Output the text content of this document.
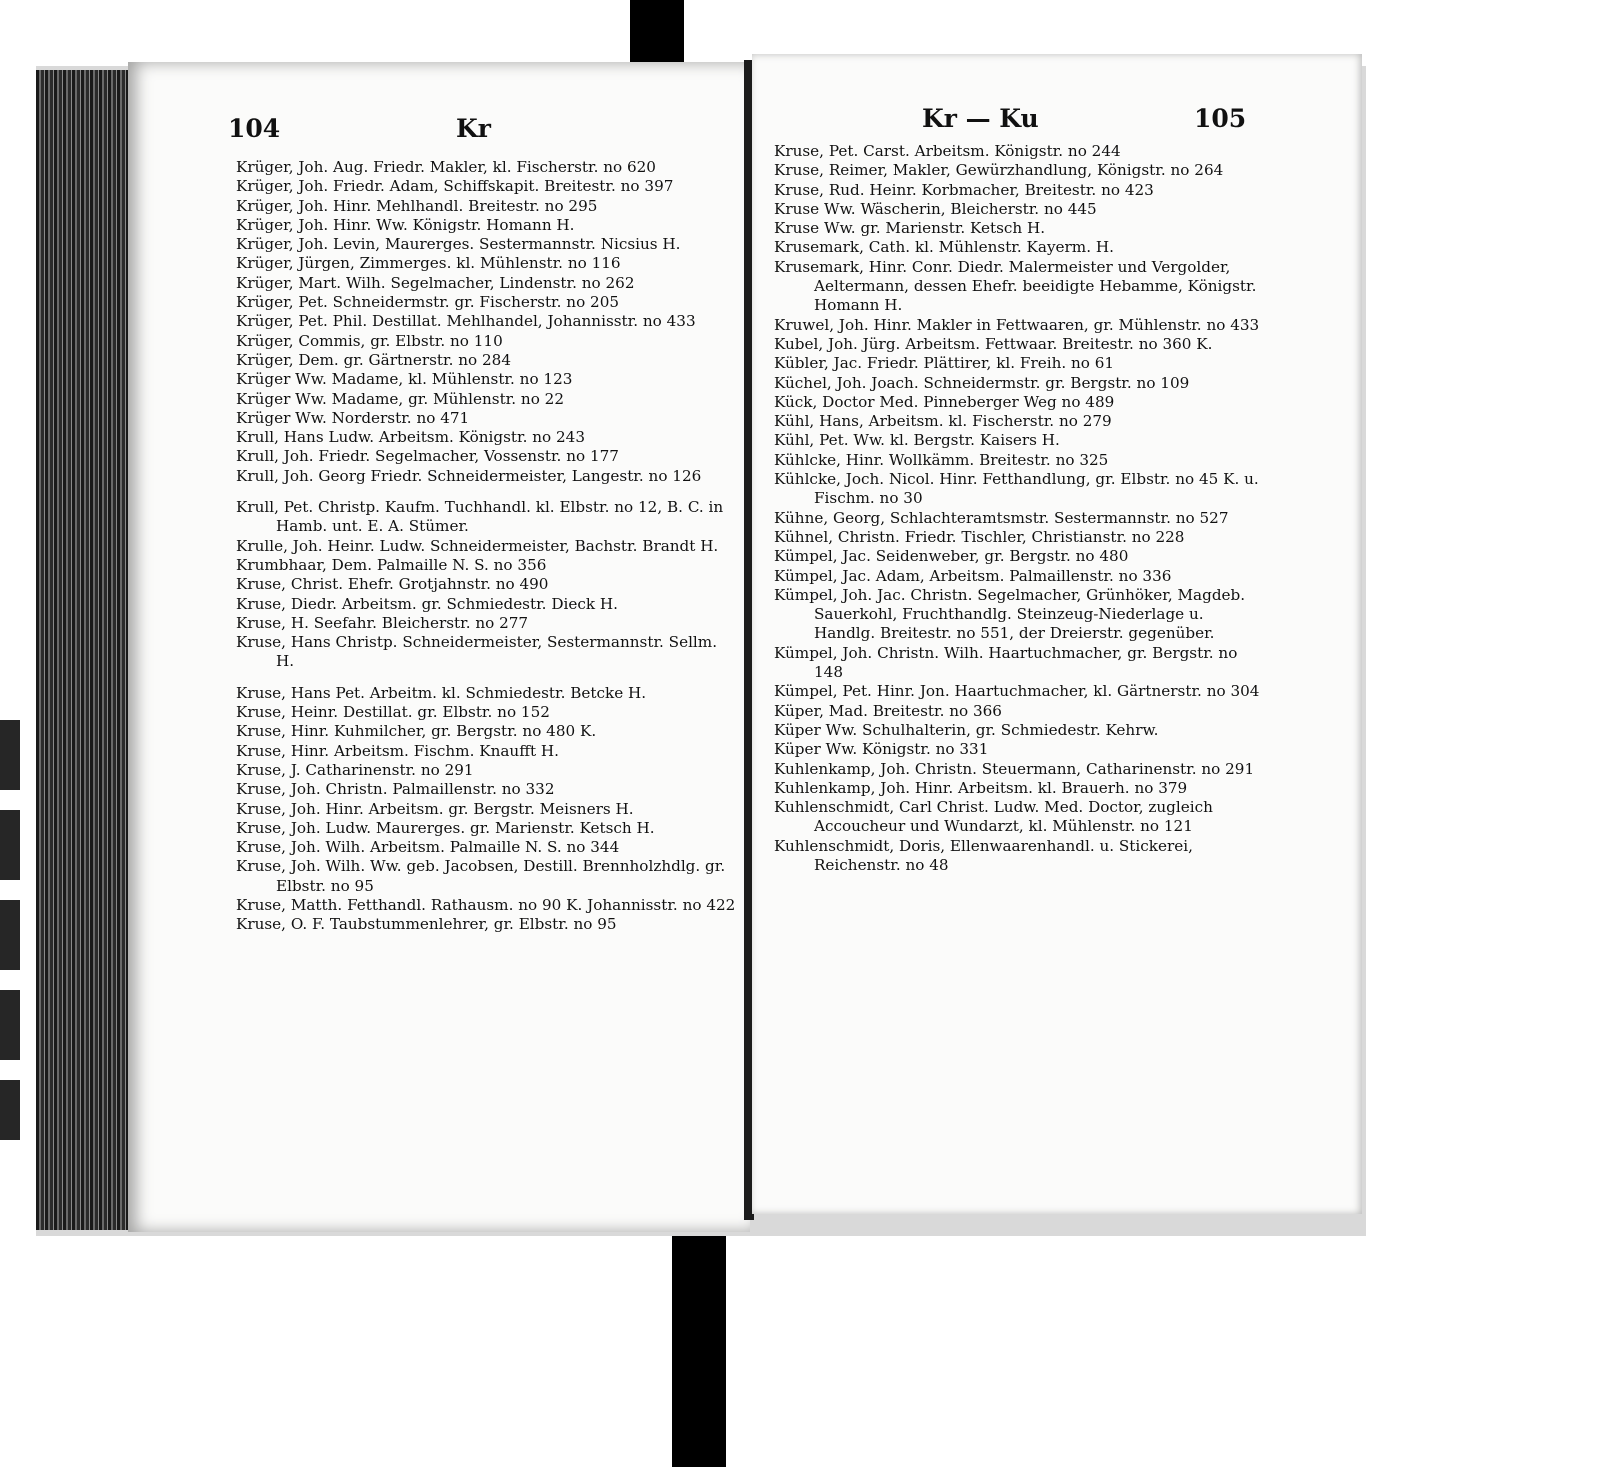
104	Kr
Krüger, Joh. Aug. Friedr. Makler, kl. Fischerstr. no 620
Krüger, Joh. Friedr. Adam, Schiffskapit. Breitestr. no 397
Krüger, Joh. Hinr. Mehlhandl. Breitestr. no 295
Krüger, Joh. Hinr. Ww. Königstr. Homann H.
Krüger, Joh. Levin, Maurerges. Sestermannstr. Nicsius H.
Krüger, Jürgen, Zimmerges. kl. Mühlenstr. no 116
Krüger, Mart. Wilh. Segelmacher, Lindenstr. no 262
Krüger, Pet. Schneidermstr. gr. Fischerstr. no 205
Krüger, Pet. Phil. Destillat. Mehlhandel, Johannisstr. no 433
Krüger, Commis, gr. Elbstr. no 110
Krüger, Dem. gr. Gärtnerstr. no 284
Krüger Ww. Madame, kl. Mühlenstr. no 123
Krüger Ww. Madame, gr. Mühlenstr. no 22
Krüger Ww. Norderstr. no 471
Krull, Hans Ludw. Arbeitsm. Königstr. no 243
Krull, Joh. Friedr. Segelmacher, Vossenstr. no 177
Krull, Joh. Georg Friedr. Schneidermeister, Langestr. no 126
Krull, Pet. Christp. Kaufm. Tuchhandl. kl. Elbstr. no 12, B. C. in Hamb. unt. E. A. Stümer.
Krulle, Joh. Heinr. Ludw. Schneidermeister, Bachstr. Brandt H.
Krumbhaar, Dem. Palmaille N. S. no 356
Kruse, Christ. Ehefr. Grotjahnstr. no 490
Kruse, Diedr. Arbeitsm. gr. Schmiedestr. Dieck H.
Kruse, H. Seefahr. Bleicherstr. no 277
Kruse, Hans Christp. Schneidermeister, Sestermannstr. Sellm. H.
Kruse, Hans Pet. Arbeitm. kl. Schmiedestr. Betcke H.
Kruse, Heinr. Destillat. gr. Elbstr. no 152
Kruse, Hinr. Kuhmilcher, gr. Bergstr. no 480 K.
Kruse, Hinr. Arbeitsm. Fischm. Knaufft H.
Kruse, J. Catharinenstr. no 291
Kruse, Joh. Christn. Palmaillenstr. no 332
Kruse, Joh. Hinr. Arbeitsm. gr. Bergstr. Meisners H.
Kruse, Joh. Ludw. Maurerges. gr. Marienstr. Ketsch H.
Kruse, Joh. Wilh. Arbeitsm. Palmaille N. S. no 344
Kruse, Joh. Wilh. Ww. geb. Jacobsen, Destill. Brennholzhdlg. gr. Elbstr. no 95
Kruse, Matth. Fetthandl. Rathausm. no 90 K. Johannisstr. no 422
Kruse, O. F. Taubstummenlehrer, gr. Elbstr. no 95
Kr — Ku	105
Kruse, Pet. Carst. Arbeitsm. Königstr. no 244
Kruse, Reimer, Makler, Gewürzhandlung, Königstr. no 264
Kruse, Rud. Heinr. Korbmacher, Breitestr. no 423
Kruse Ww. Wäscherin, Bleicherstr. no 445
Kruse Ww. gr. Marienstr. Ketsch H.
Krusemark, Cath. kl. Mühlenstr. Kayerm. H.
Krusemark, Hinr. Conr. Diedr. Malermeister und Vergolder, Aeltermann, dessen Ehefr. beeidigte Hebamme, Königstr. Homann H.
Kruwel, Joh. Hinr. Makler in Fettwaaren, gr. Mühlenstr. no 433
Kubel, Joh. Jürg. Arbeitsm. Fettwaar. Breitestr. no 360 K.
Kübler, Jac. Friedr. Plättirer, kl. Freih. no 61
Küchel, Joh. Joach. Schneidermstr. gr. Bergstr. no 109
Kück, Doctor Med. Pinneberger Weg no 489
Kühl, Hans, Arbeitsm. kl. Fischerstr. no 279
Kühl, Pet. Ww. kl. Bergstr. Kaisers H.
Kühlcke, Hinr. Wollkämm. Breitestr. no 325
Kühlcke, Joch. Nicol. Hinr. Fetthandlung, gr. Elbstr. no 45 K. u. Fischm. no 30
Kühne, Georg, Schlachteramtsmstr. Sestermannstr. no 527
Kühnel, Christn. Friedr. Tischler, Christianstr. no 228
Kümpel, Jac. Seidenweber, gr. Bergstr. no 480
Kümpel, Jac. Adam, Arbeitsm. Palmaillenstr. no 336
Kümpel, Joh. Jac. Christn. Segelmacher, Grünhöker, Magdeb. Sauerkohl, Fruchthandlg. Steinzeug-Niederlage u. Handlg. Breitestr. no 551, der Dreierstr. gegenüber.
Kümpel, Joh. Christn. Wilh. Haartuchmacher, gr. Bergstr. no 148
Kümpel, Pet. Hinr. Jon. Haartuchmacher, kl. Gärtnerstr. no 304
Küper, Mad. Breitestr. no 366
Küper Ww. Schulhalterin, gr. Schmiedestr. Kehrw.
Küper Ww. Königstr. no 331
Kuhlenkamp, Joh. Christn. Steuermann, Catharinenstr. no 291
Kuhlenkamp, Joh. Hinr. Arbeitsm. kl. Brauerh. no 379
Kuhlenschmidt, Carl Christ. Ludw. Med. Doctor, zugleich Accoucheur und Wundarzt, kl. Mühlenstr. no 121
Kuhlenschmidt, Doris, Ellenwaarenhandl. u. Stickerei, Reichenstr. no 48
